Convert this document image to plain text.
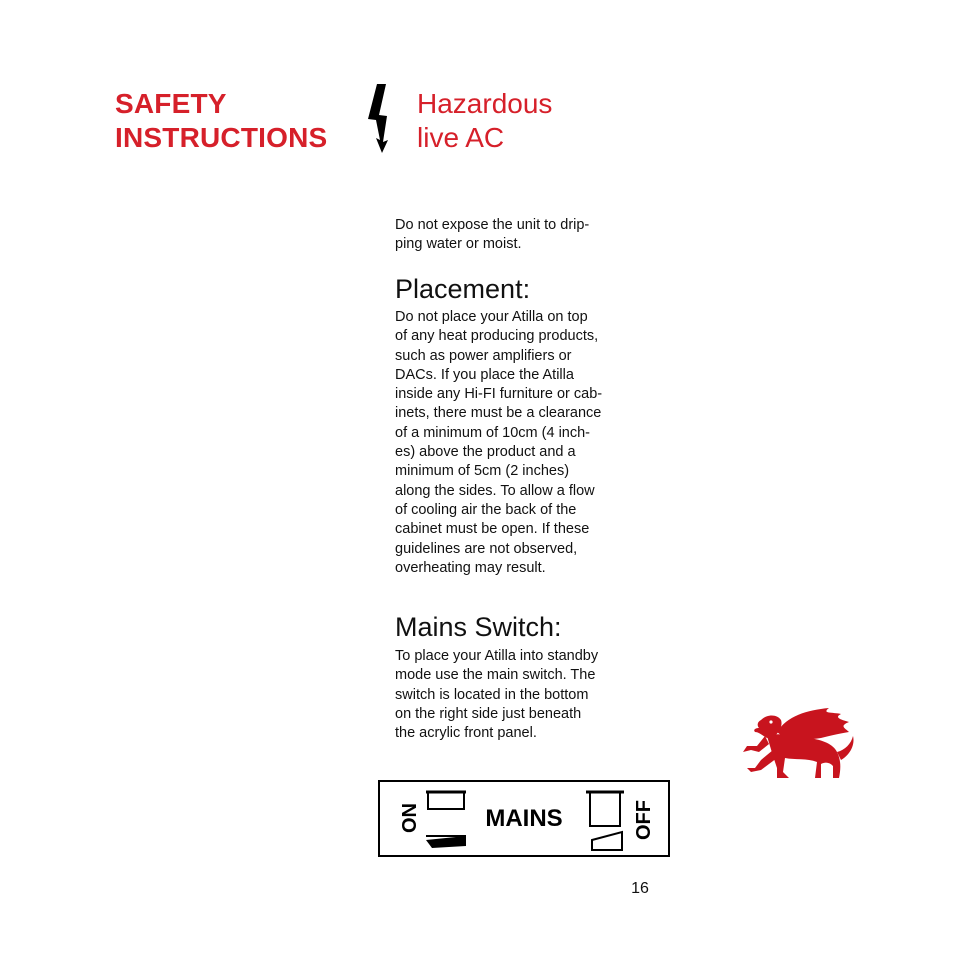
SAFETY
INSTRUCTIONS
Hazardous
live AC
Do not expose the unit to drip-
ping water or moist.
Placement:
Do not place your Atilla on top
of any heat producing products,
such as power amplifiers or
DACs. If you place the Atilla
inside any Hi-FI furniture or cab-
inets, there must be a clearance
of a minimum of 10cm (4 inch-
es) above the product and a
minimum of 5cm (2 inches)
along the sides. To allow a flow
of cooling air the back of the
cabinet must be open. If these
guidelines are not observed,
overheating may result.
Mains Switch:
To place your Atilla into standby
mode use the main switch. The
switch is located in the bottom
on the right side just beneath
the acrylic front panel.
ON	MAINS	OFF
16
